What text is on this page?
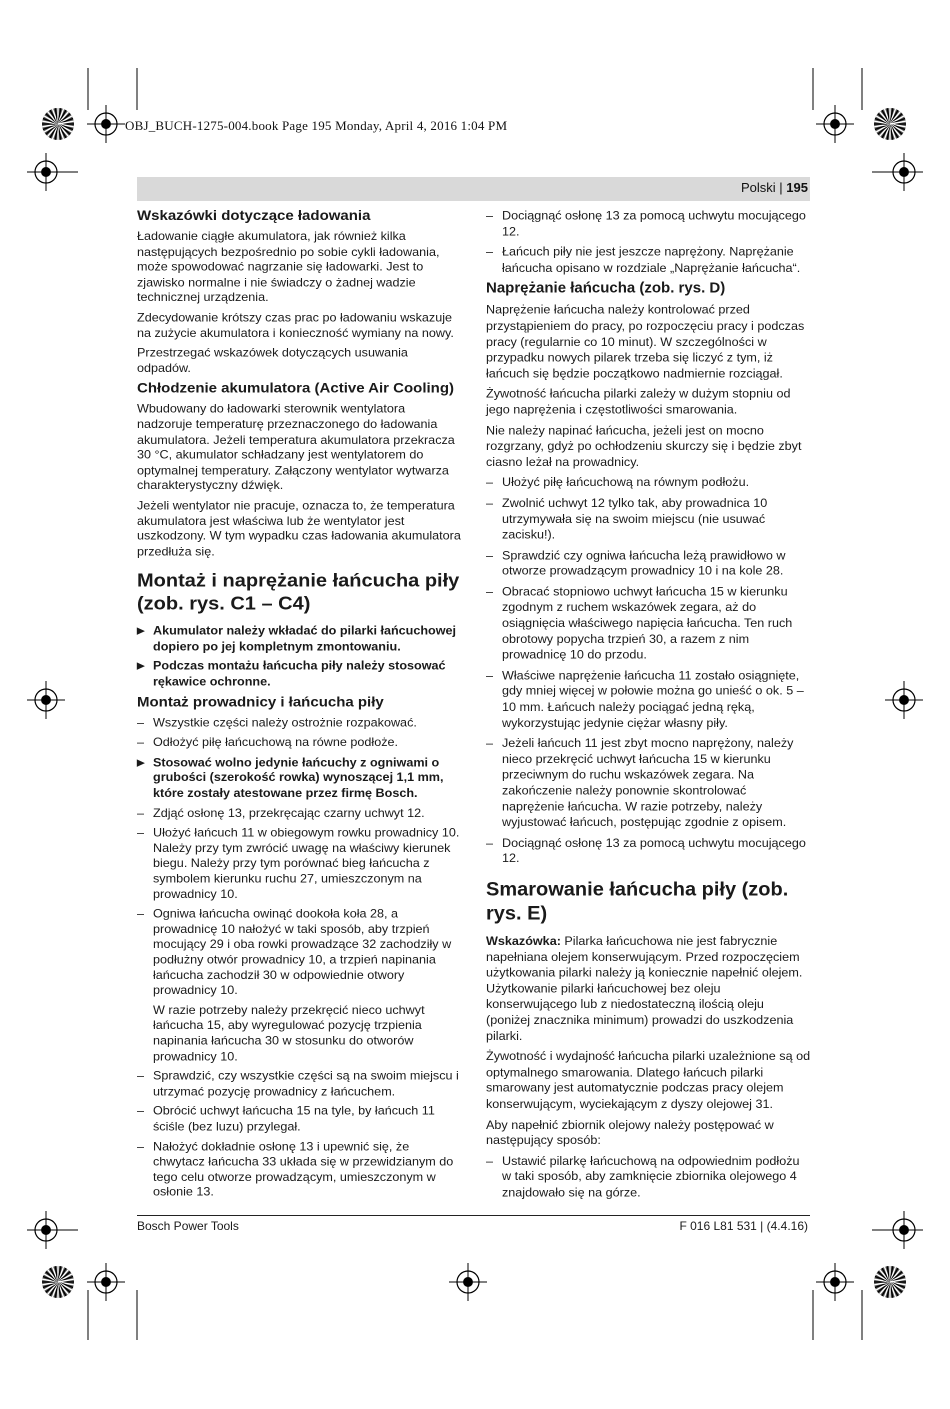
OBJ_BUCH-1275-004.book Page 195 Monday, April 4, 2016 1:04 PM
Polski | 195
Wskazówki dotyczące ładowania

Ładowanie ciągłe akumulatora, jak również kilka następujących bezpośrednio po sobie cykli ładowania, może spowodować nagrzanie się ładowarki. Jest to zjawisko normalne i nie świadczy o żadnej wadzie technicznej urządzenia.

Zdecydowanie krótszy czas prac po ładowaniu wskazuje na zużycie akumulatora i konieczność wymiany na nowy.

Przestrzegać wskazówek dotyczących usuwania odpadów.

Chłodzenie akumulatora (Active Air Cooling)

Wbudowany do ładowarki sterownik wentylatora nadzoruje temperaturę przeznaczonego do ładowania akumulatora. Jeżeli temperatura akumulatora przekracza 30 °C, akumulator schładzany jest wentylatorem do optymalnej temperatury. Załączony wentylator wytwarza charakterystyczny dźwięk.

Jeżeli wentylator nie pracuje, oznacza to, że temperatura akumulatora jest właściwa lub że wentylator jest uszkodzony. W tym wypadku czas ładowania akumulatora przedłuża się.

Montaż i naprężanie łańcucha piły (zob. rys. C1 – C4)
▶ Akumulator należy wkładać do pilarki łańcuchowej dopiero po jej kompletnym zmontowaniu.
▶ Podczas montażu łańcucha piły należy stosować rękawice ochronne.
Montaż prowadnicy i łańcucha piły
– Wszystkie części należy ostrożnie rozpakować.
– Odłożyć piłę łańcuchową na równe podłoże.
▶ Stosować wolno jedynie łańcuchy z ogniwami o grubości (szerokość rowka) wynoszącej 1,1 mm, które zostały atestowane przez firmę Bosch.
– Zdjąć osłonę 13, przekręcając czarny uchwyt 12.
– Ułożyć łańcuch 11 w obiegowym rowku prowadnicy 10. Należy przy tym zwrócić uwagę na właściwy kierunek biegu. Należy przy tym porównać bieg łańcucha z symbolem kierunku ruchu 27, umieszczonym na prowadnicy 10.
– Ogniwa łańcucha owinąć dookoła koła 28, a prowadnicę 10 nałożyć w taki sposób, aby trzpień mocujący 29 i oba rowki prowadzące 32 zachodziły w podłużny otwór prowadnicy 10, a trzpień napinania łańcucha zachodził 30 w odpowiednie otwory prowadnicy 10.
W razie potrzeby należy przekręcić nieco uchwyt łańcucha 15, aby wyregulować pozycję trzpienia napinania łańcucha 30 w stosunku do otworów prowadnicy 10.
– Sprawdzić, czy wszystkie części są na swoim miejscu i utrzymać pozycję prowadnicy z łańcuchem.
– Obrócić uchwyt łańcucha 15 na tyle, by łańcuch 11 ściśle (bez luzu) przylegał.
– Nałożyć dokładnie osłonę 13 i upewnić się, że chwytacz łańcucha 33 układa się w przewidzianym do tego celu otworze prowadzącym, umieszczonym w osłonie 13.
– Dociągnąć osłonę 13 za pomocą uchwytu mocującego 12.
– Łańcuch piły nie jest jeszcze naprężony. Naprężanie łańcucha opisano w rozdziale „Naprężanie łańcucha“.
Naprężanie łańcucha (zob. rys. D)

Naprężenie łańcucha należy kontrolować przed przystąpieniem do pracy, po rozpoczęciu pracy i podczas pracy (regularnie co 10 minut). W szczególności w przypadku nowych pilarek trzeba się liczyć z tym, iż łańcuch się będzie początkowo nadmiernie rozciągał.

Żywotność łańcucha pilarki zależy w dużym stopniu od jego naprężenia i częstotliwości smarowania.

Nie należy napinać łańcucha, jeżeli jest on mocno rozgrzany, gdyż po ochłodzeniu skurczy się i będzie zbyt ciasno leżał na prowadnicy.

– Ułożyć piłę łańcuchową na równym podłożu.
– Zwolnić uchwyt 12 tylko tak, aby prowadnica 10 utrzymywała się na swoim miejscu (nie usuwać zacisku!).
– Sprawdzić czy ogniwa łańcucha leżą prawidłowo w otworze prowadzącym prowadnicy 10 i na kole 28.
– Obracać stopniowo uchwyt łańcucha 15 w kierunku zgodnym z ruchem wskazówek zegara, aż do osiągnięcia właściwego napięcia łańcucha. Ten ruch obrotowy popycha trzpień 30, a razem z nim prowadnicę 10 do przodu.
– Właściwe naprężenie łańcucha 11 zostało osiągnięte, gdy mniej więcej w połowie można go unieść o ok. 5 – 10 mm. Łańcuch należy pociągać jedną ręką, wykorzystując jedynie ciężar własny piły.
– Jeżeli łańcuch 11 jest zbyt mocno naprężony, należy nieco przekręcić uchwyt łańcucha 15 w kierunku przeciwnym do ruchu wskazówek zegara. Na zakończenie należy ponownie skontrolować naprężenie łańcucha. W razie potrzeby, należy wyjustować łańcuch, postępując zgodnie z opisem.
– Dociągnąć osłonę 13 za pomocą uchwytu mocującego 12.
Smarowanie łańcucha piły (zob. rys. E)

Wskazówka: Pilarka łańcuchowa nie jest fabrycznie napełniana olejem konserwującym. Przed rozpoczęciem użytkowania pilarki należy ją koniecznie napełnić olejem. Użytkowanie pilarki łańcuchowej bez oleju konserwującego lub z niedostateczną ilością oleju (poniżej znacznika minimum) prowadzi do uszkodzenia pilarki.

Żywotność i wydajność łańcucha pilarki uzależnione są od optymalnego smarowania. Dlatego łańcuch pilarki smarowany jest automatycznie podczas pracy olejem konserwującym, wyciekającym z dyszy olejowej 31.

Aby napełnić zbiornik olejowy należy postępować w następujący sposób:

– Ustawić pilarkę łańcuchową na odpowiednim podłożu w taki sposób, aby zamknięcie zbiornika olejowego 4 znajdowało się na górze.
Bosch Power Tools	F 016 L81 531 | (4.4.16)
